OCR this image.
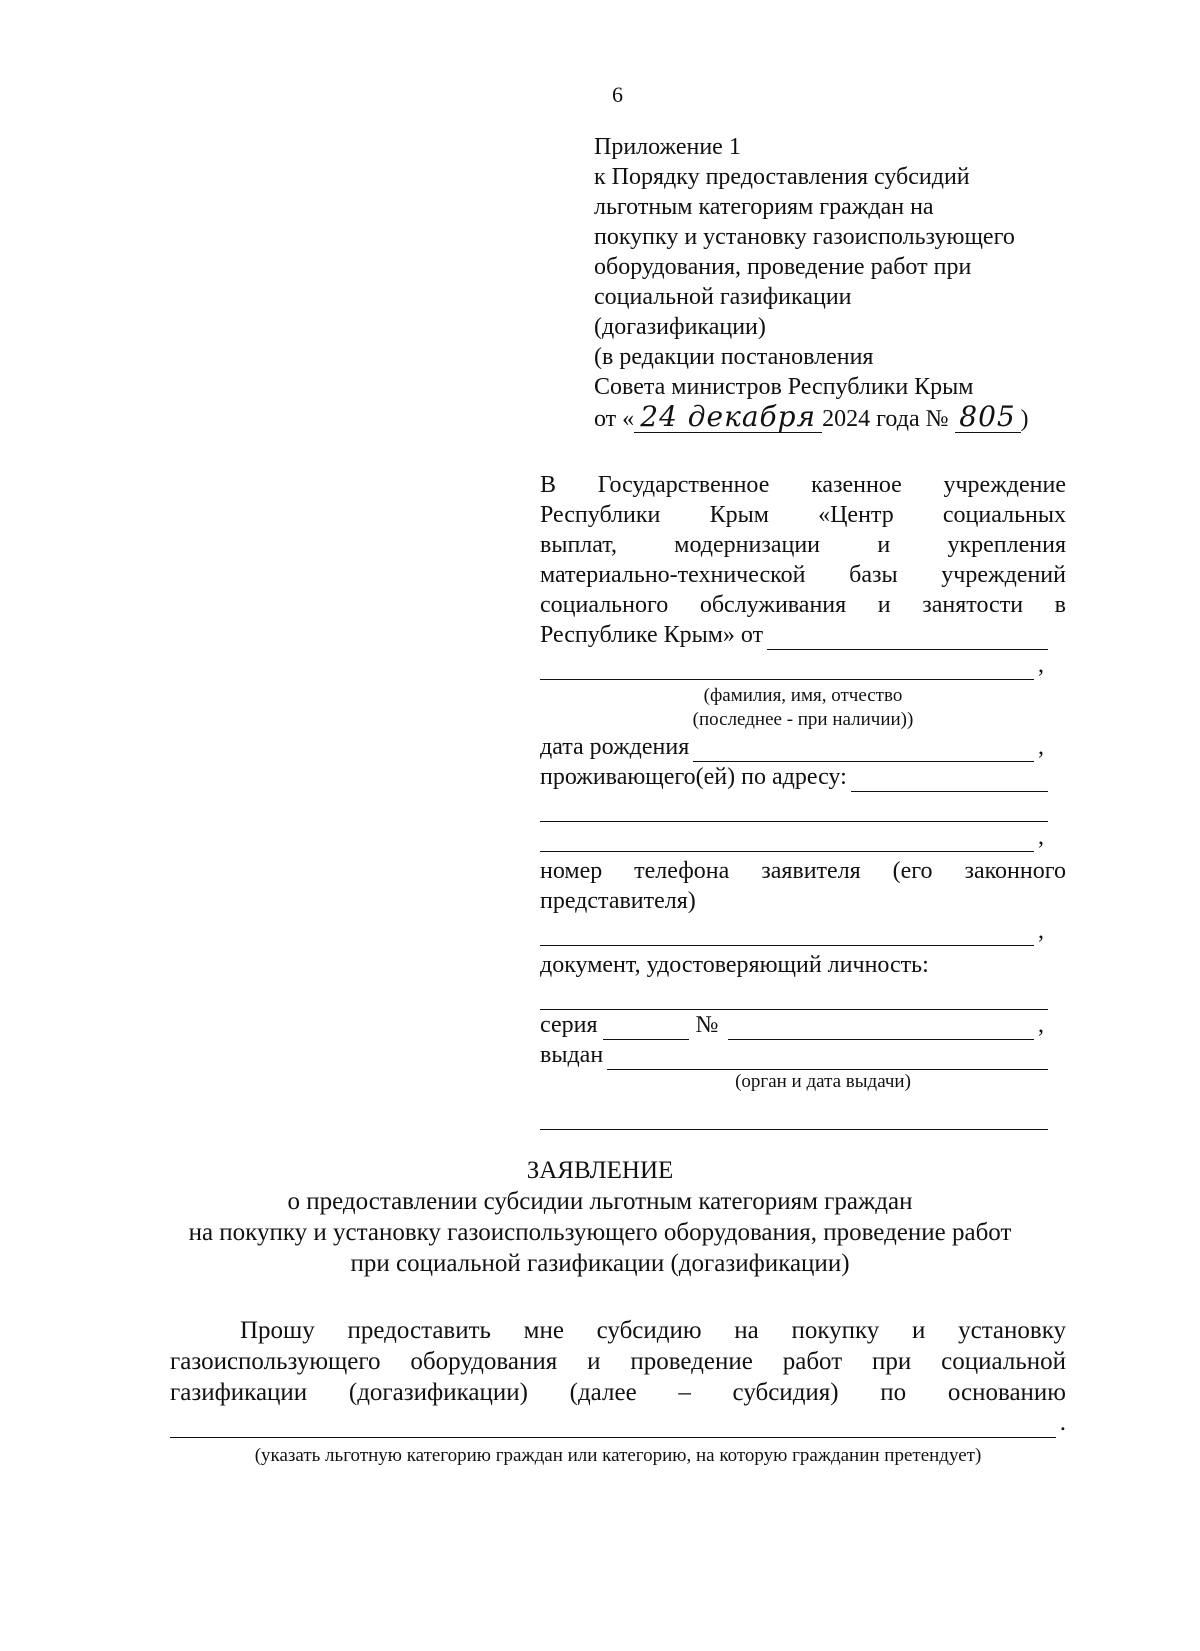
6
Приложение 1
к Порядку предоставления субсидий
льготным категориям граждан на
покупку и установку газоиспользующего
оборудования, проведение работ при
социальной газификации
(догазификации)
(в редакции постановления
Совета министров Республики Крым
от « 24 декабря 2024 года № 805 )
В Государственное казенное учреждение
Республики Крым «Центр социальных
выплат, модернизации и укрепления
материально-технической базы учреждений
социального обслуживания и занятости в
Республике Крым» от
,
(фамилия, имя, отчество
(последнее - при наличии))
дата рождения	,
проживающего(ей) по адресу:
,
номер телефона заявителя (его законного
представителя)
,
документ, удостоверяющий личность:
серия	№	,
выдан
(орган и дата выдачи)
ЗАЯВЛЕНИЕ
о предоставлении субсидии льготным категориям граждан
на покупку и установку газоиспользующего оборудования, проведение работ
при социальной газификации (догазификации)
Прошу предоставить мне субсидию на покупку и установку
газоиспользующего оборудования и проведение работ при социальной
газификации (догазификации) (далее – субсидия) по основанию
.
(указать льготную категорию граждан или категорию, на которую гражданин претендует)
